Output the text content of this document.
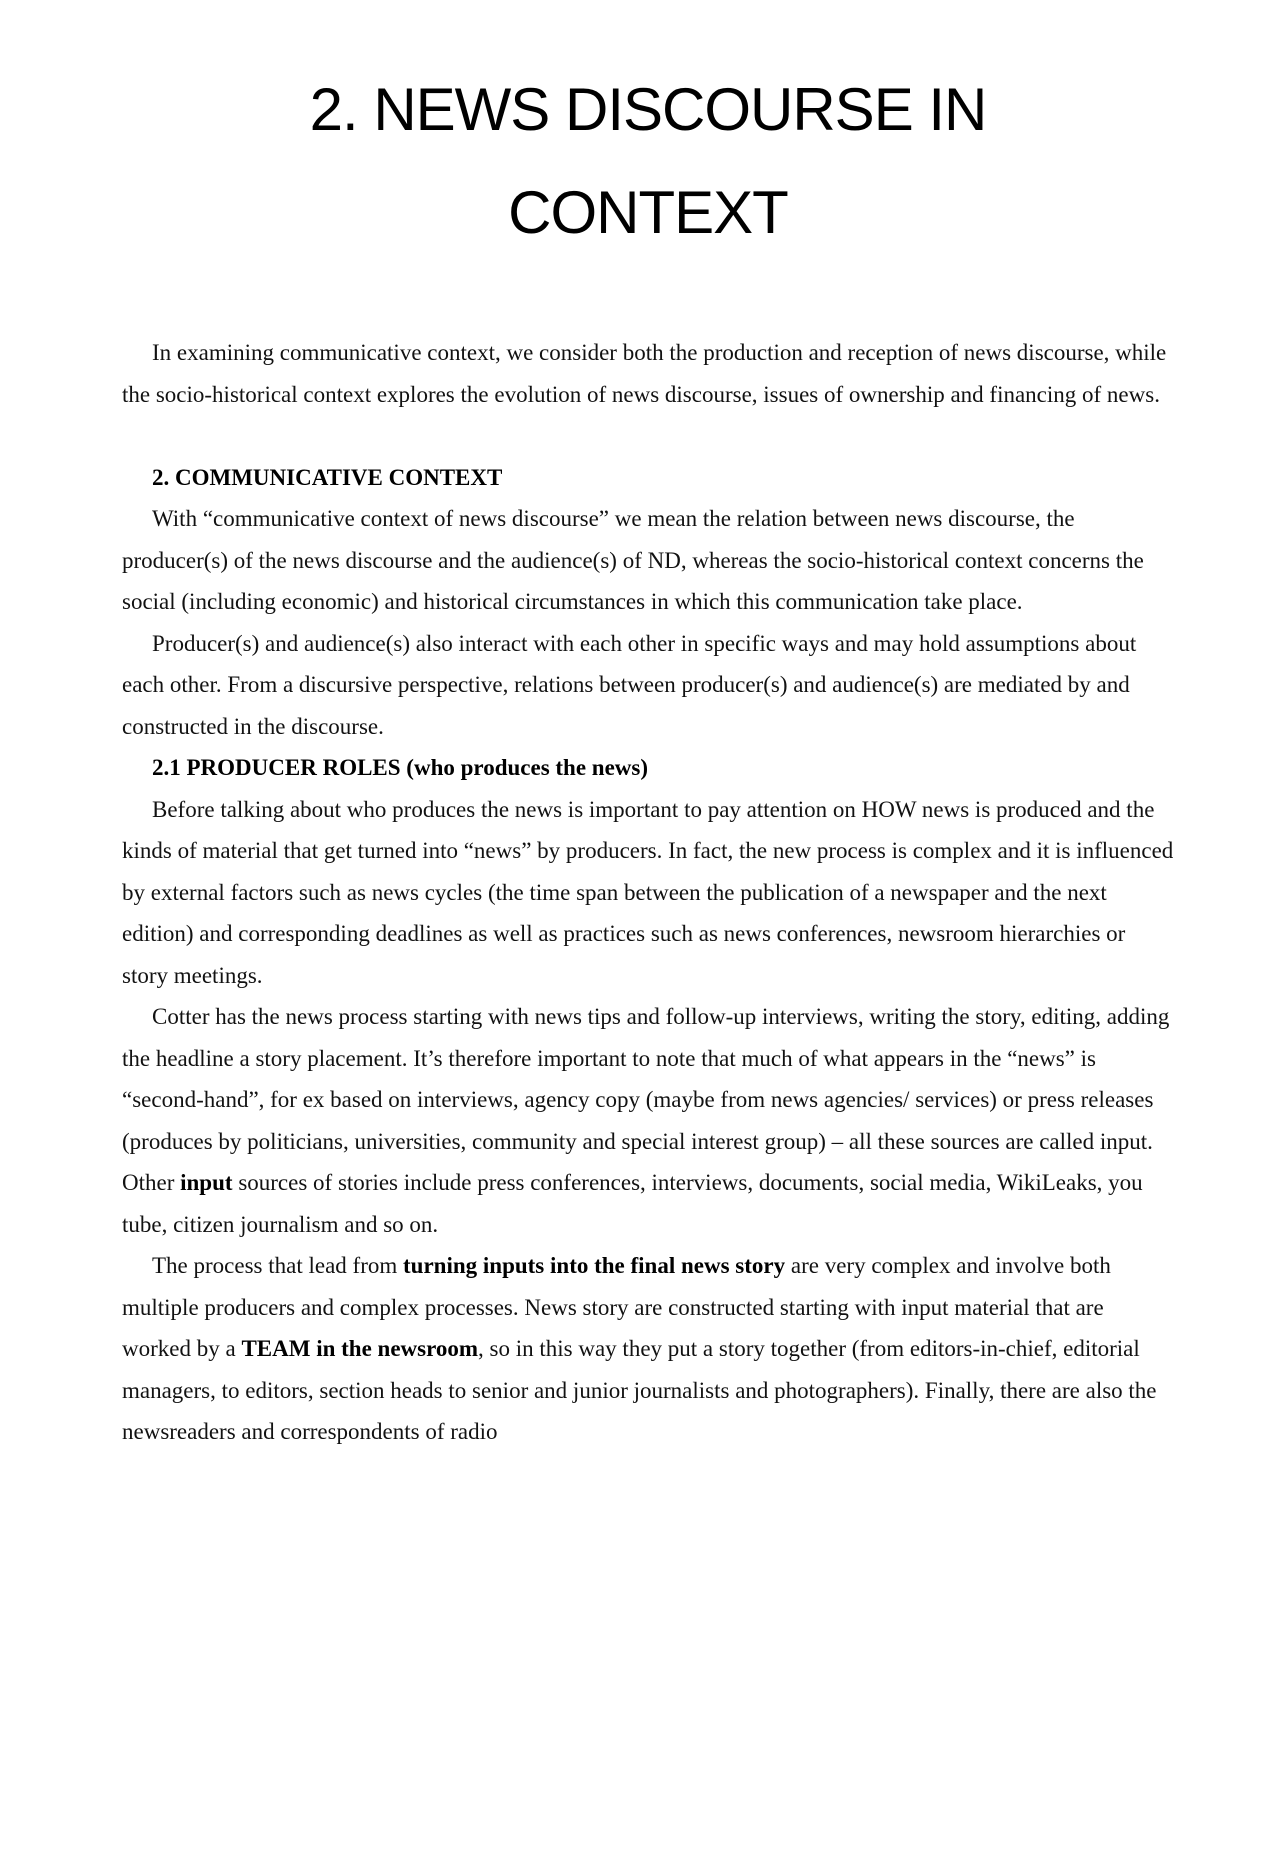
2. NEWS DISCOURSE IN
CONTEXT

In examining communicative context, we consider both the production and reception of news discourse, while the socio-historical context explores the evolution of news discourse, issues of ownership and financing of news.

2. COMMUNICATIVE CONTEXT

With “communicative context of news discourse” we mean the relation between news discourse, the producer(s) of the news discourse and the audience(s) of ND, whereas the socio-historical context concerns the social (including economic) and historical circumstances in which this communication take place.

Producer(s) and audience(s) also interact with each other in specific ways and may hold assumptions about each other. From a discursive perspective, relations between producer(s) and audience(s) are mediated by and constructed in the discourse.

2.1 PRODUCER ROLES (who produces the news)

Before talking about who produces the news is important to pay attention on HOW news is produced and the kinds of material that get turned into “news” by producers. In fact, the new process is complex and it is influenced by external factors such as news cycles (the time span between the publication of a newspaper and the next edition) and corresponding deadlines as well as practices such as news conferences, newsroom hierarchies or story meetings.

Cotter has the news process starting with news tips and follow-up interviews, writing the story, editing, adding the headline a story placement. It’s therefore important to note that much of what appears in the “news” is “second-hand”, for ex based on interviews, agency copy (maybe from news agencies/ services) or press releases (produces by politicians, universities, community and special interest group) – all these sources are called input. Other input sources of stories include press conferences, interviews, documents, social media, WikiLeaks, you tube, citizen journalism and so on.

The process that lead from turning inputs into the final news story are very complex and involve both multiple producers and complex processes. News story are constructed starting with input material that are worked by a TEAM in the newsroom, so in this way they put a story together (from editors-in-chief, editorial managers, to editors, section heads to senior and junior journalists and photographers). Finally, there are also the newsreaders and correspondents of radio
